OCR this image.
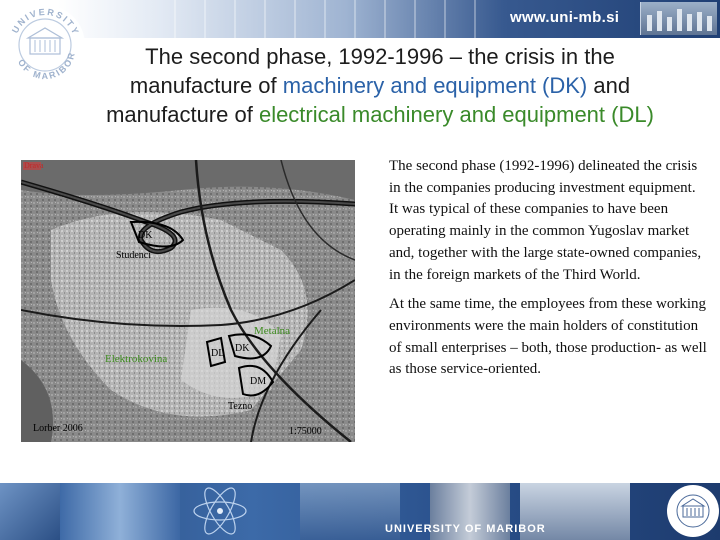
www.uni-mb.si
UNIVERSITY
OF MARIBOR	The second phase, 1992-1996 – the crisis in the
manufacture of machinery and equipment (DK) and
manufacture of electrical machinery and equipment (DL)
Drava
DK
Studenci
Metalna
Elektrokovina	DL DK
DM
Tezno
Lorber 2006	1:75000

The second phase (1992-1996) delineated the crisis in the companies producing investment equipment. It was typical of these companies to have been operating mainly in the common Yugoslav market and, together with the large state-owned companies, in the foreign markets of the Third World.

At the same time, the employees from these working environments were the main holders of constitution of small enterprises – both, those production- as well as those service-oriented.

UNIVERSITY OF MARIBOR
